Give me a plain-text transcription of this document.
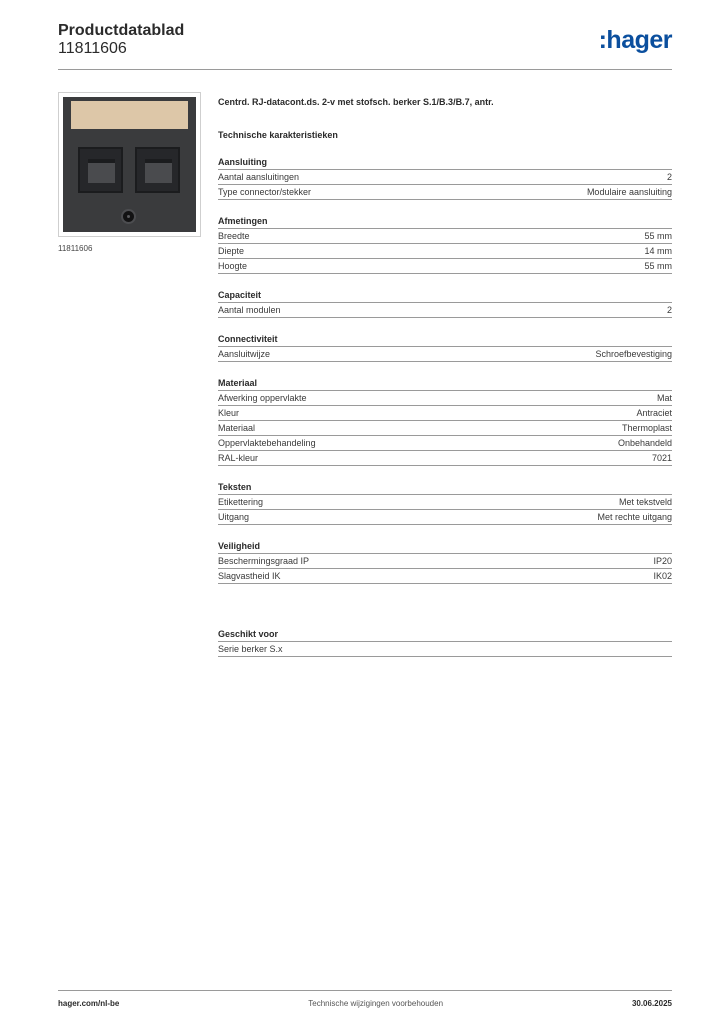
Productdatablad
11811606	:hager
11811606
Centrd. RJ-datacont.ds. 2-v met stofsch. berker S.1/B.3/B.7, antr.
Technische karakteristieken
Aansluiting
Aantal aansluitingen	2
Type connector/stekker	Modulaire aansluiting
Afmetingen
Breedte	55 mm
Diepte	14 mm
Hoogte	55 mm
Capaciteit
Aantal modulen	2
Connectiviteit
Aansluitwijze	Schroefbevestiging
Materiaal
Afwerking oppervlakte	Mat
Kleur	Antraciet
Materiaal	Thermoplast
Oppervlaktebehandeling	Onbehandeld
RAL-kleur	7021
Teksten
Etikettering	Met tekstveld
Uitgang	Met rechte uitgang
Veiligheid
Beschermingsgraad IP	IP20
Slagvastheid IK	IK02
Geschikt voor
Serie berker S.x
hager.com/nl-be	Technische wijzigingen voorbehouden	30.06.2025
